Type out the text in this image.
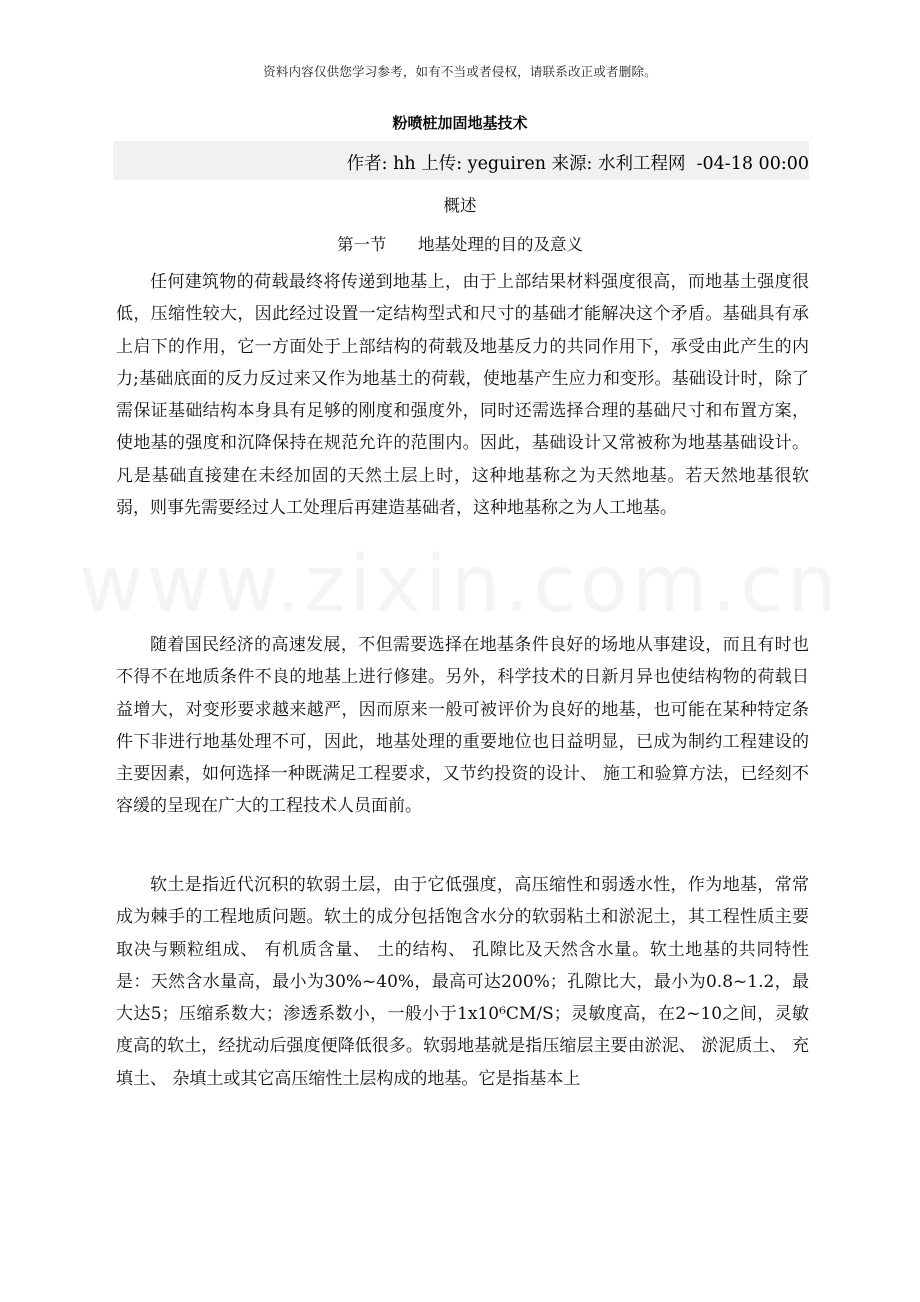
资料内容仅供您学习参考，如有不当或者侵权，请联系改正或者删除。
粉喷桩加固地基技术
作者: hh 上传: yeguiren 来源: 水利工程网  -04-18 00:00
概述
第一节      地基处理的目的及意义

任何建筑物的荷载最终将传递到地基上，由于上部结果材料强度很高，而地基土强度很低，压缩性较大，因此经过设置一定结构型式和尺寸的基础才能解决这个矛盾。基础具有承上启下的作用，它一方面处于上部结构的荷载及地基反力的共同作用下，承受由此产生的内力;基础底面的反力反过来又作为地基土的荷载，使地基产生应力和变形。基础设计时，除了需保证基础结构本身具有足够的刚度和强度外，同时还需选择合理的基础尺寸和布置方案，使地基的强度和沉降保持在规范允许的范围内。因此，基础设计又常被称为地基基础设计。凡是基础直接建在未经加固的天然土层上时，这种地基称之为天然地基。若天然地基很软弱，则事先需要经过人工处理后再建造基础者，这种地基称之为人工地基。

随着国民经济的高速发展，不但需要选择在地基条件良好的场地从事建设，而且有时也不得不在地质条件不良的地基上进行修建。另外，科学技术的日新月异也使结构物的荷载日益增大，对变形要求越来越严，因而原来一般可被评价为良好的地基，也可能在某种特定条件下非进行地基处理不可，因此，地基处理的重要地位也日益明显，已成为制约工程建设的主要因素，如何选择一种既满足工程要求，又节约投资的设计、 施工和验算方法，已经刻不容缓的呈现在广大的工程技术人员面前。

软土是指近代沉积的软弱土层，由于它低强度，高压缩性和弱透水性，作为地基，常常成为棘手的工程地质问题。软土的成分包括饱含水分的软弱粘土和淤泥土，其工程性质主要取决与颗粒组成、 有机质含量、 土的结构、 孔隙比及天然含水量。软土地基的共同特性是：天然含水量高，最小为30%~40%，最高可达200%；孔隙比大，最小为0.8~1.2，最大达5；压缩系数大；渗透系数小，一般小于1x10⁶CM/S；灵敏度高，在2~10之间，灵敏度高的软土，经扰动后强度便降低很多。软弱地基就是指压缩层主要由淤泥、 淤泥质土、 充填土、 杂填土或其它高压缩性土层构成的地基。它是指基本上
